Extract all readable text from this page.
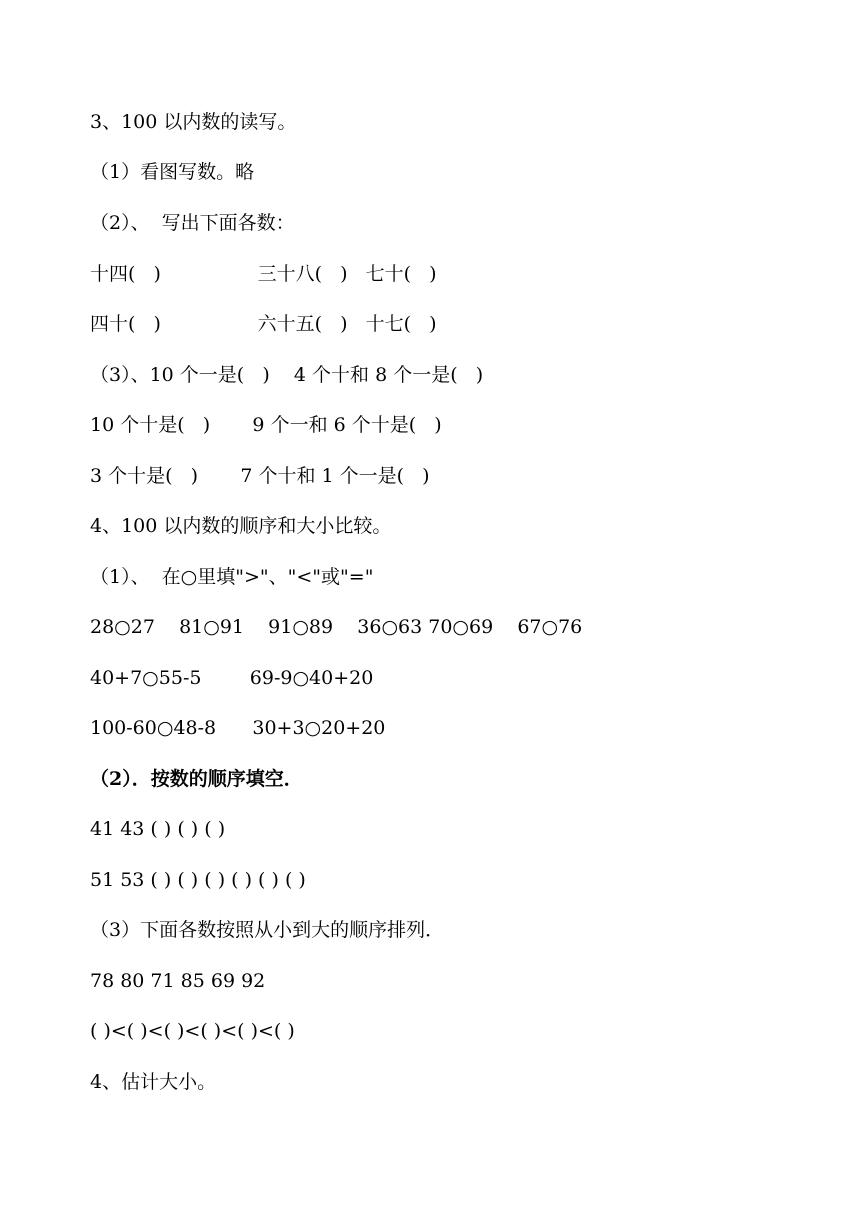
3、100 以内数的读写。
（1）看图写数。略
（2）、  写出下面各数：
十四(   )                三十八(   )   七十(   )
四十(   )                六十五(   )   十七(   )
（3）、10 个一是(   )    4 个十和 8 个一是(   )
10 个十是(   )       9 个一和 6 个十是(   )
3 个十是(   )       7 个十和 1 个一是(   )
4、100 以内数的顺序和大小比较。
（1）、  在○里填">"、"<"或"="
28○27    81○91    91○89    36○63 70○69    67○76
40+7○55-5        69-9○40+20
100-60○48-8      30+3○20+20
（2）．按数的顺序填空．
41 43 ( ) ( ) ( )
51 53 ( ) ( ) ( ) ( ) ( ) ( )
（3）下面各数按照从小到大的顺序排列．
78 80 71 85 69 92
( )<( )<( )<( )<( )<( )
4、估计大小。
